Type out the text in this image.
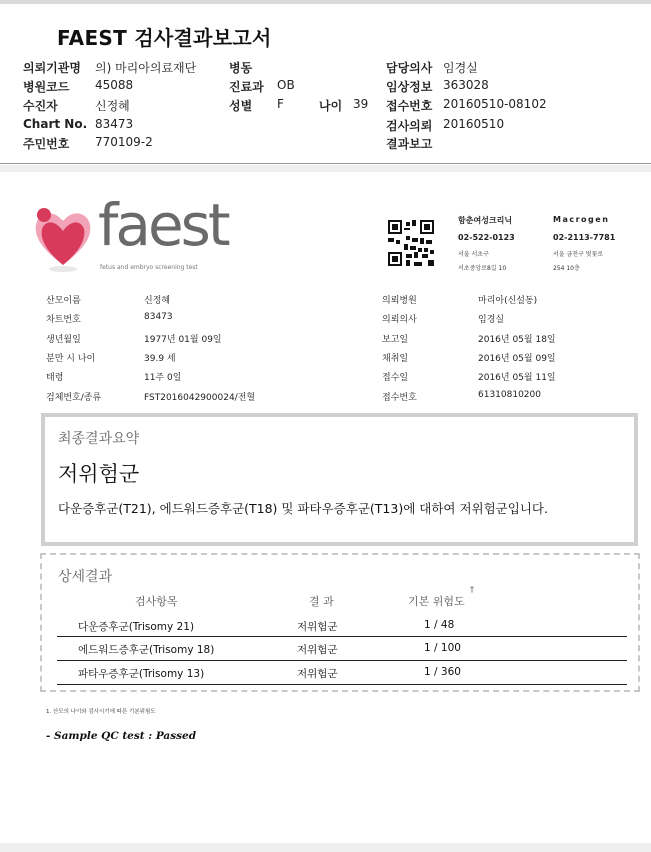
FAEST 검사결과보고서
의뢰기관명 의) 마리아의료재단
병원코드 45088
수진자	신정혜
Chart No. 83473
주민번호 770109-2
병동
진료과 OB
성별 F	나이 39
담당의사 임경실
임상정보 363028
접수번호 20160510-08102
검사의뢰 20160510
결과보고
faest
fetus and embryo screening test
함춘여성크리닉
02-522-0123
서울 서초구
서초중앙로8길 10
Macrogen
02-2113-7781
서울 금천구 벚꽃로
254 10층
산모이름	신정혜
차트번호	83473
생년월일	1977년 01월 09일
분만 시 나이	39.9 세
태령	11주 0일
검체번호/종류	FST2016042900024/전혈
의뢰병원	마리아(신설동)
의뢰의사	임경실
보고일	2016년 05월 18일
채취일	2016년 05월 09일
접수일	2016년 05월 11일
접수번호	61310810200
최종결과요약
저위험군
다운증후군(T21), 에드워드증후군(T18) 및 파타우증후군(T13)에 대하여 저위험군입니다.
상세결과
검사항목	결 과	기본 위험도
†
다운증후군(Trisomy 21)	저위험군	1 / 48
에드워드증후군(Trisomy 18)	저위험군	1 / 100
파타우증후군(Trisomy 13)	저위험군	1 / 360
1. 산모의 나이와 검사시기에 따른 기본위험도
- Sample QC test : Passed
